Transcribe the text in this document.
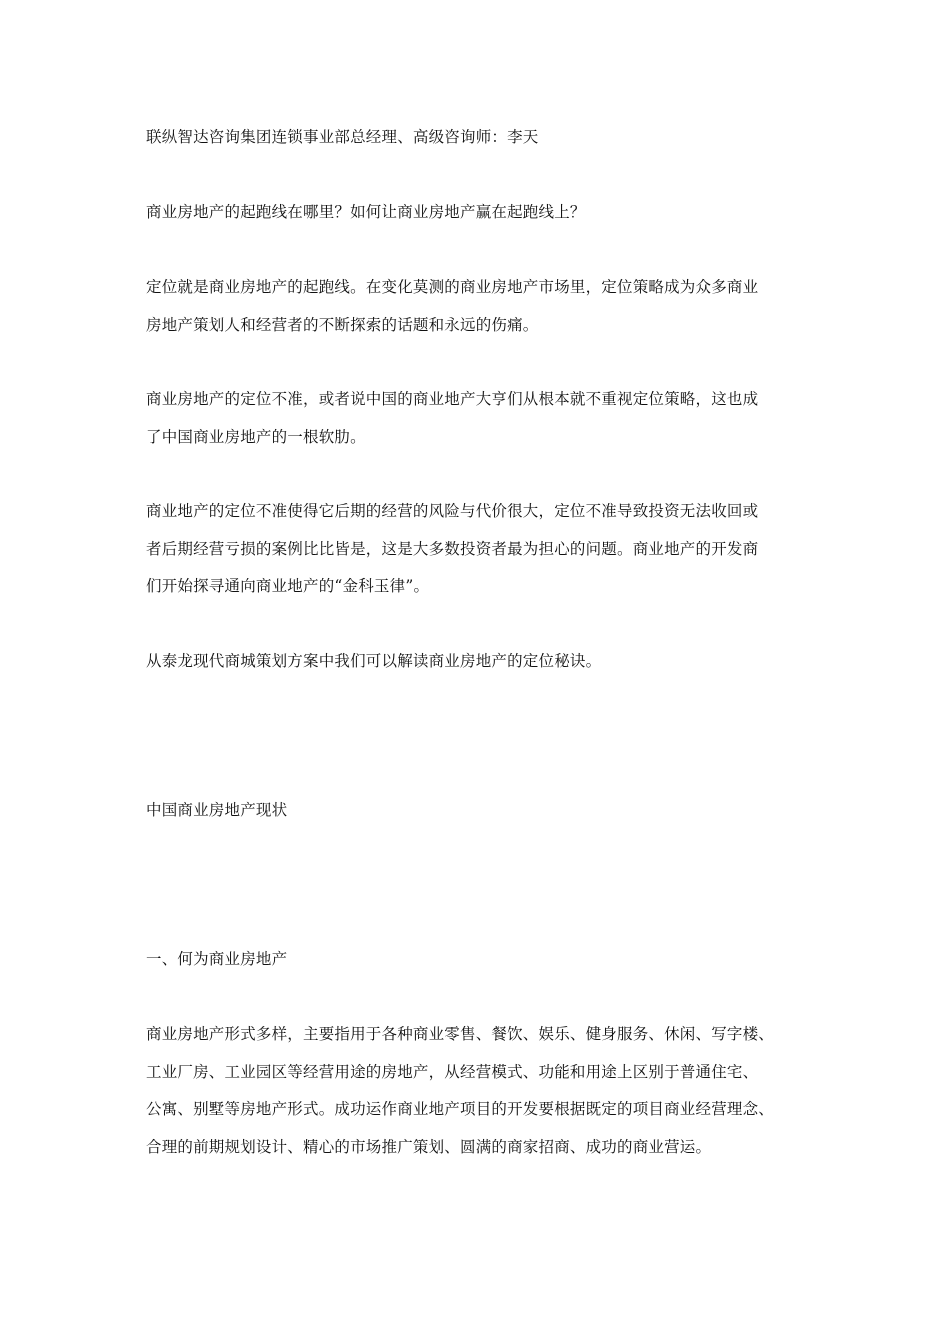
联纵智达咨询集团连锁事业部总经理、高级咨询师：李天
商业房地产的起跑线在哪里？如何让商业房地产赢在起跑线上？
定位就是商业房地产的起跑线。在变化莫测的商业房地产市场里，定位策略成为众多商业
房地产策划人和经营者的不断探索的话题和永远的伤痛。
商业房地产的定位不准，或者说中国的商业地产大亨们从根本就不重视定位策略，这也成
了中国商业房地产的一根软肋。
商业地产的定位不准使得它后期的经营的风险与代价很大，定位不准导致投资无法收回或
者后期经营亏损的案例比比皆是，这是大多数投资者最为担心的问题。商业地产的开发商
们开始探寻通向商业地产的“金科玉律”。
从泰龙现代商城策划方案中我们可以解读商业房地产的定位秘诀。
中国商业房地产现状
一、何为商业房地产
商业房地产形式多样，主要指用于各种商业零售、餐饮、娱乐、健身服务、休闲、写字楼、
工业厂房、工业园区等经营用途的房地产，从经营模式、功能和用途上区别于普通住宅、
公寓、别墅等房地产形式。成功运作商业地产项目的开发要根据既定的项目商业经营理念、
合理的前期规划设计、精心的市场推广策划、圆满的商家招商、成功的商业营运。
